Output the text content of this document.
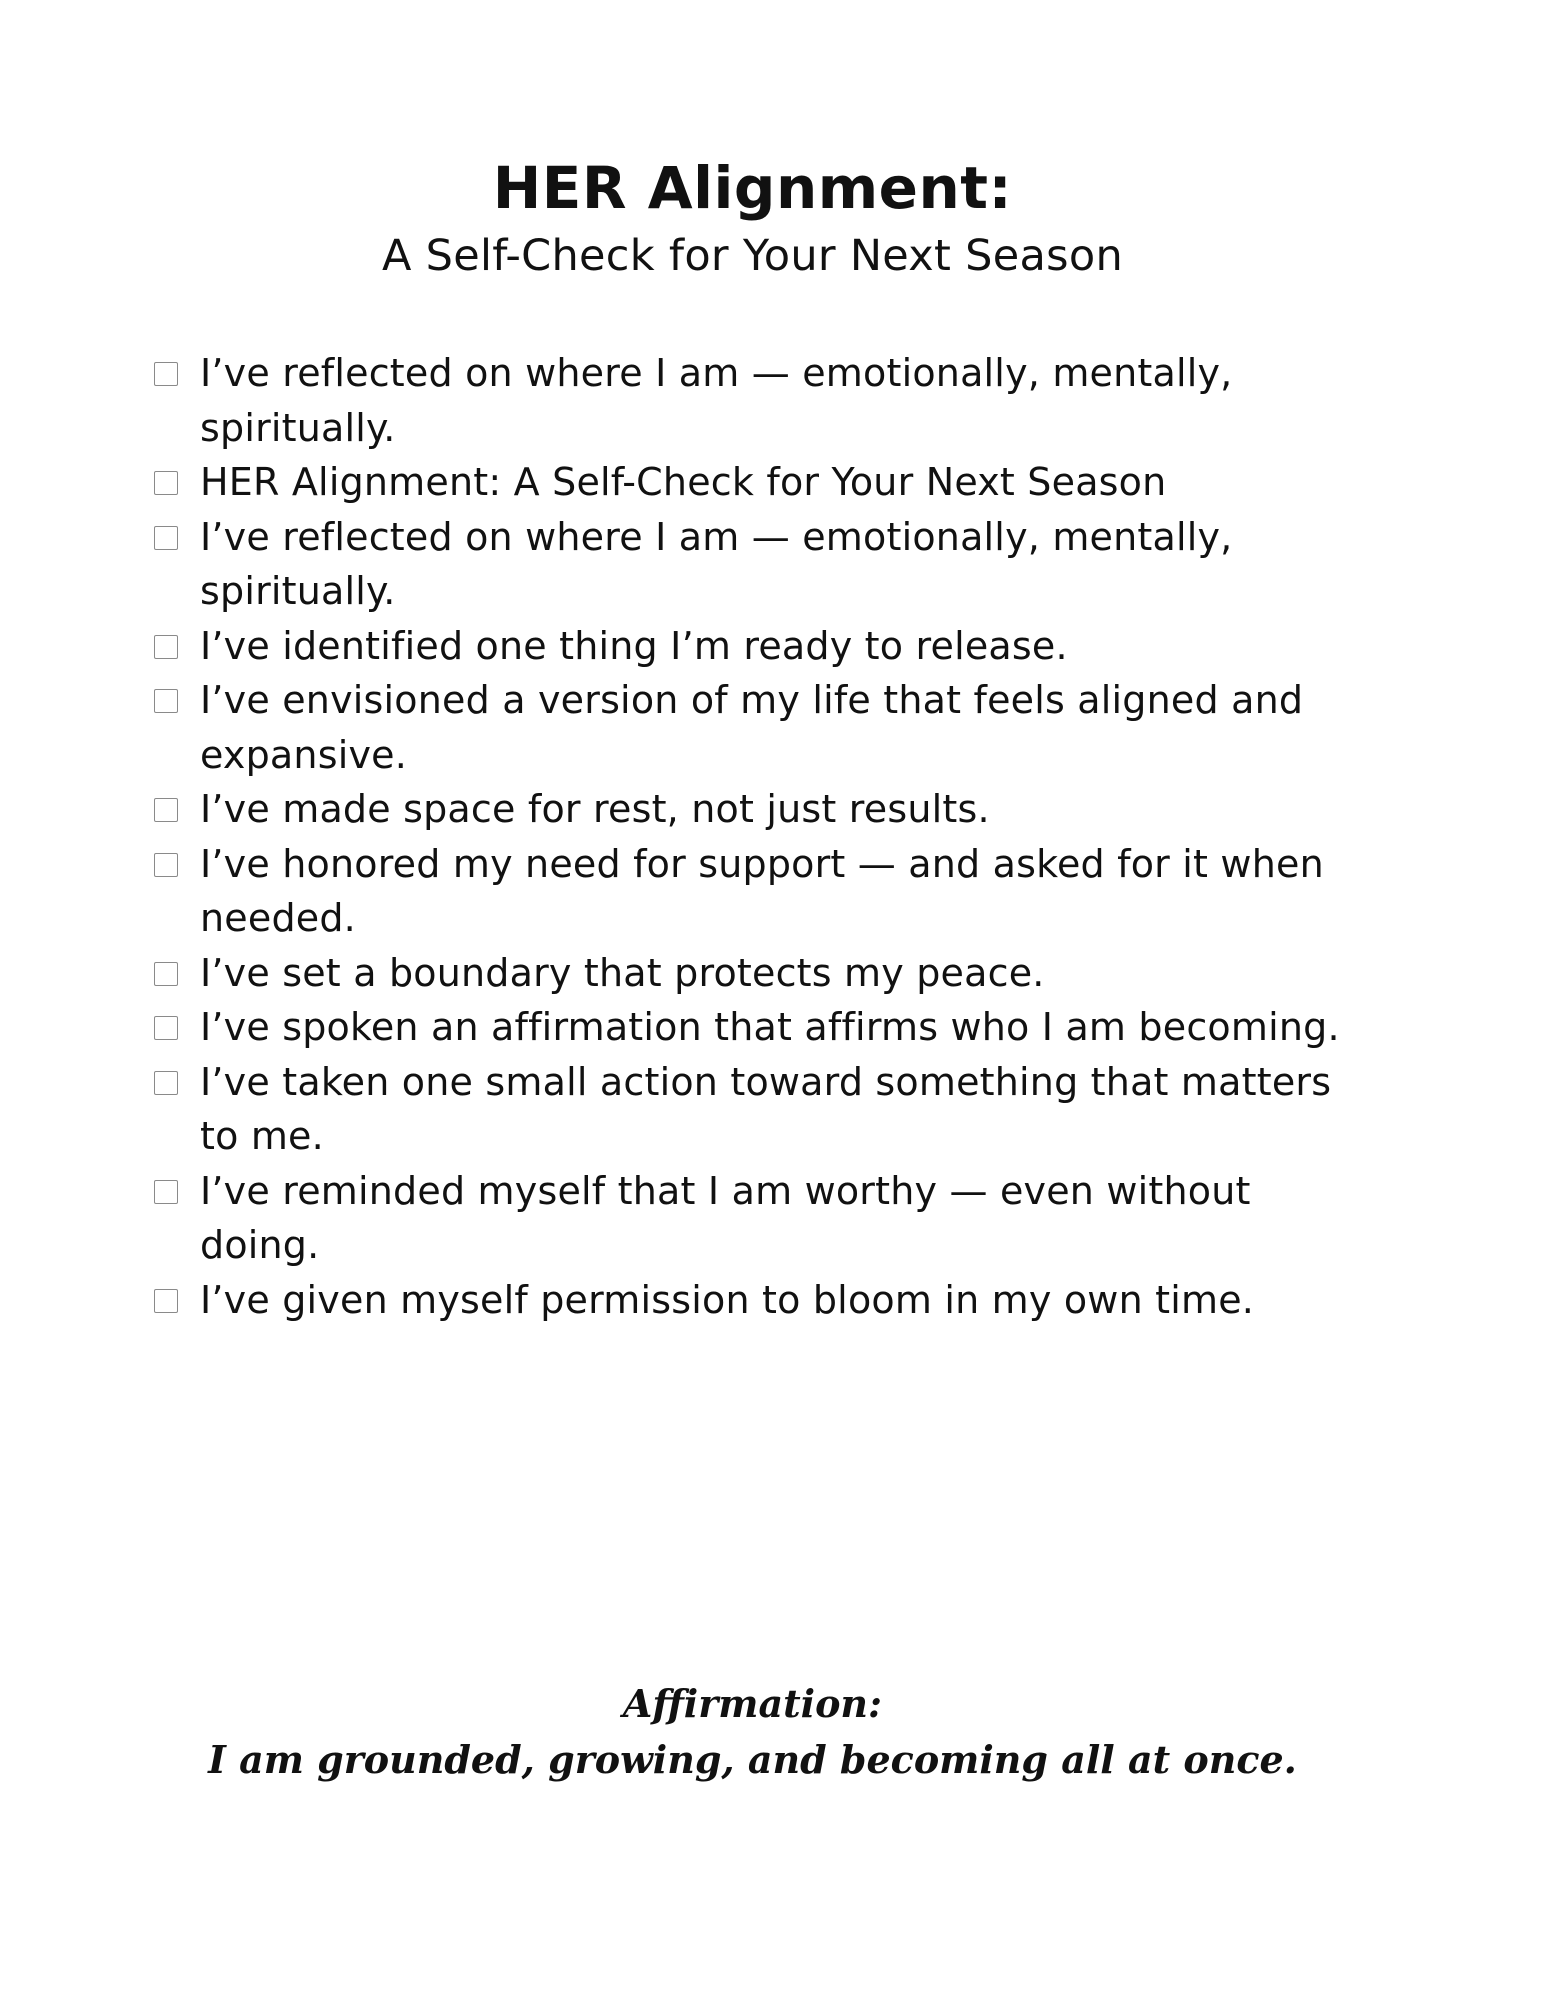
HER Alignment:
A Self-Check for Your Next Season
I’ve reflected on where I am — emotionally, mentally, spiritually.
HER Alignment: A Self-Check for Your Next Season
I’ve reflected on where I am — emotionally, mentally, spiritually.
I’ve identified one thing I’m ready to release.
I’ve envisioned a version of my life that feels aligned and expansive.
I’ve made space for rest, not just results.
I’ve honored my need for support — and asked for it when needed.
I’ve set a boundary that protects my peace.
I’ve spoken an affirmation that affirms who I am becoming.
I’ve taken one small action toward something that matters to me.
I’ve reminded myself that I am worthy — even without doing.
I’ve given myself permission to bloom in my own time.
Affirmation:
I am grounded, growing, and becoming all at once.
